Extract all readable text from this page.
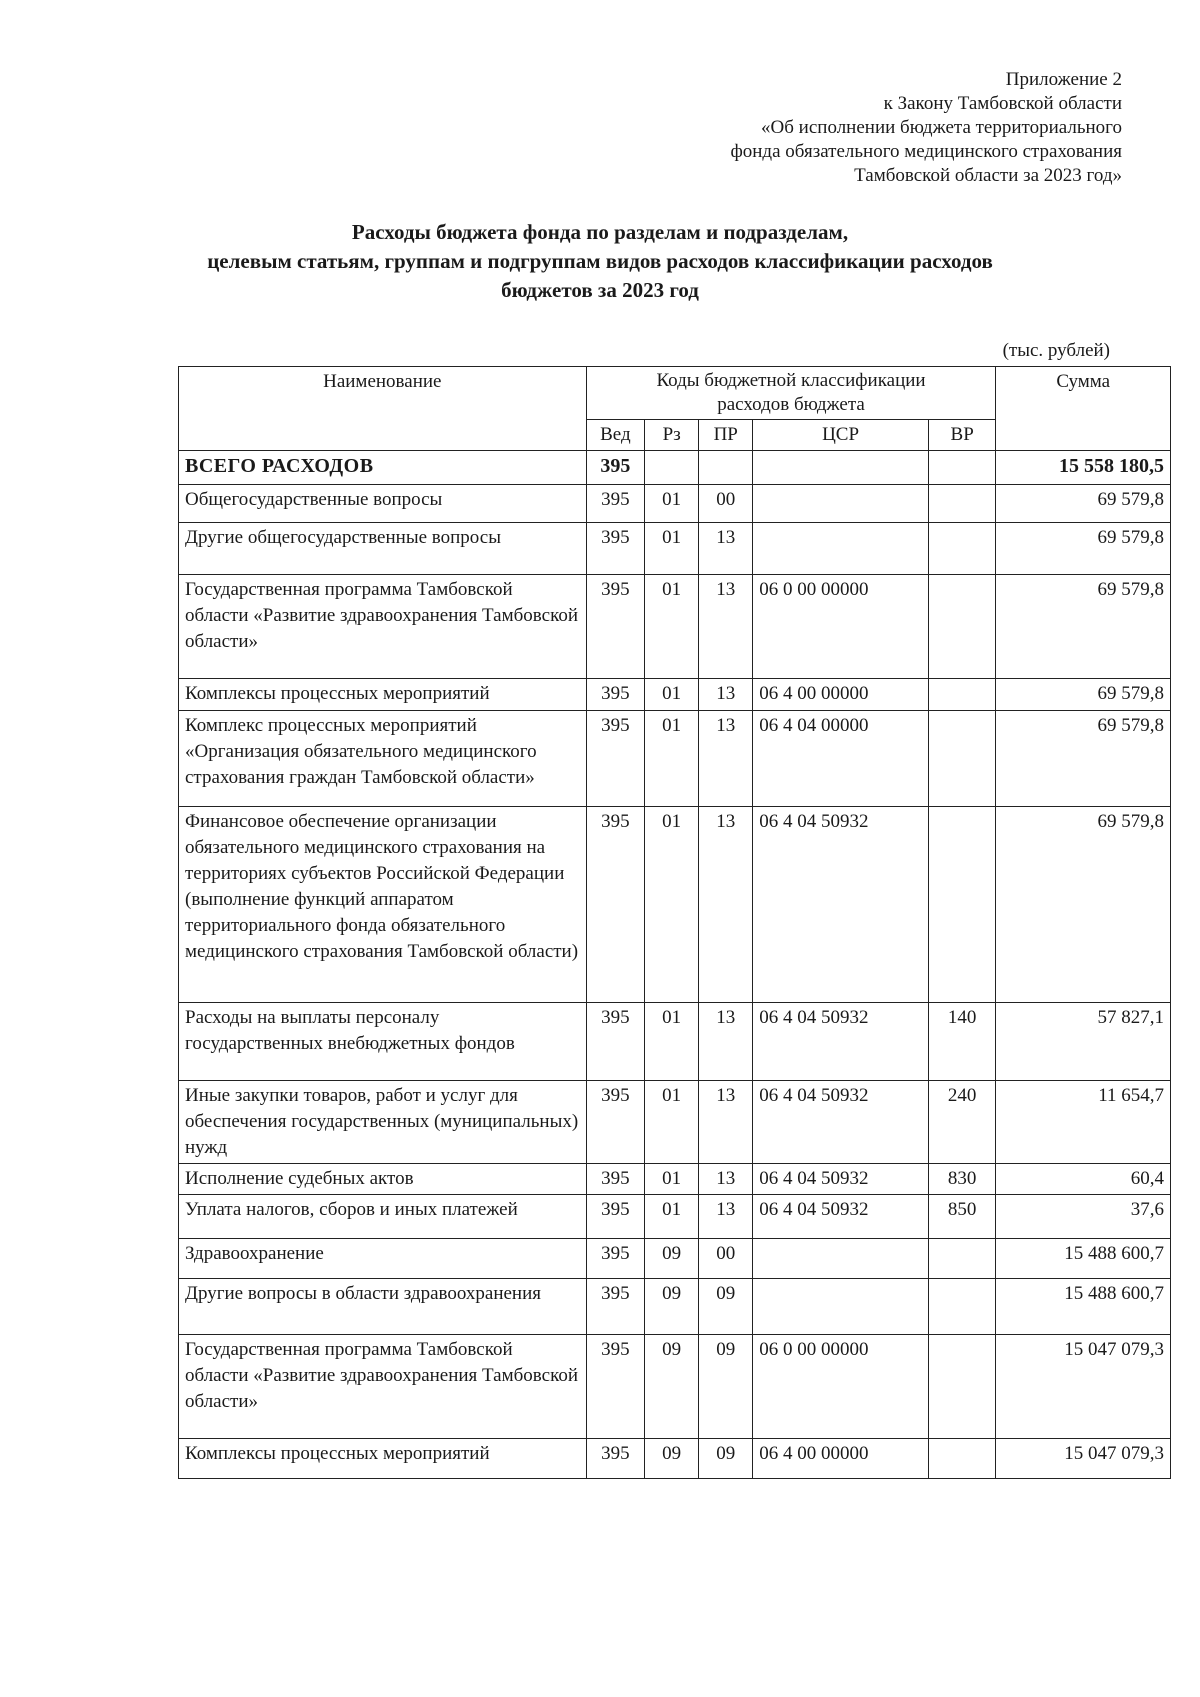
Приложение 2
к Закону Тамбовской области
«Об исполнении бюджета территориального
фонда обязательного медицинского страхования
Тамбовской области за 2023 год»
Расходы бюджета фонда по разделам и подразделам,
целевым статьям, группам и подгруппам видов расходов классификации расходов
бюджетов за 2023 год
(тыс. рублей)
Наименование	Коды бюджетной классификации
расходов бюджета					Сумма
	Вед	Рз	ПР	ЦСР	ВР	
ВСЕГО РАСХОДОВ	395					15 558 180,5
Общегосударственные вопросы	395	01	00			69 579,8
Другие общегосударственные вопросы	395	01	13			69 579,8
Государственная программа Тамбовской области «Развитие здравоохранения Тамбовской области»	395	01	13	06 0 00 00000		69 579,8
Комплексы процессных мероприятий	395	01	13	06 4 00 00000		69 579,8
Комплекс процессных мероприятий «Организация обязательного медицинского страхования граждан Тамбовской области»	395	01	13	06 4 04 00000		69 579,8
Финансовое обеспечение организации обязательного медицинского страхования на территориях субъектов Российской Федерации (выполнение функций аппаратом территориального фонда обязательного медицинского страхования Тамбовской области)	395	01	13	06 4 04 50932		69 579,8
Расходы на выплаты персоналу государственных внебюджетных фондов	395	01	13	06 4 04 50932	140	57 827,1
Иные закупки товаров, работ и услуг для обеспечения государственных (муниципальных) нужд	395	01	13	06 4 04 50932	240	11 654,7
Исполнение судебных актов	395	01	13	06 4 04 50932	830	60,4
Уплата налогов, сборов и иных платежей	395	01	13	06 4 04 50932	850	37,6
Здравоохранение	395	09	00			15 488 600,7
Другие вопросы в области здравоохранения	395	09	09			15 488 600,7
Государственная программа Тамбовской области «Развитие здравоохранения Тамбовской области»	395	09	09	06 0 00 00000		15 047 079,3
Комплексы процессных мероприятий	395	09	09	06 4 00 00000		15 047 079,3
